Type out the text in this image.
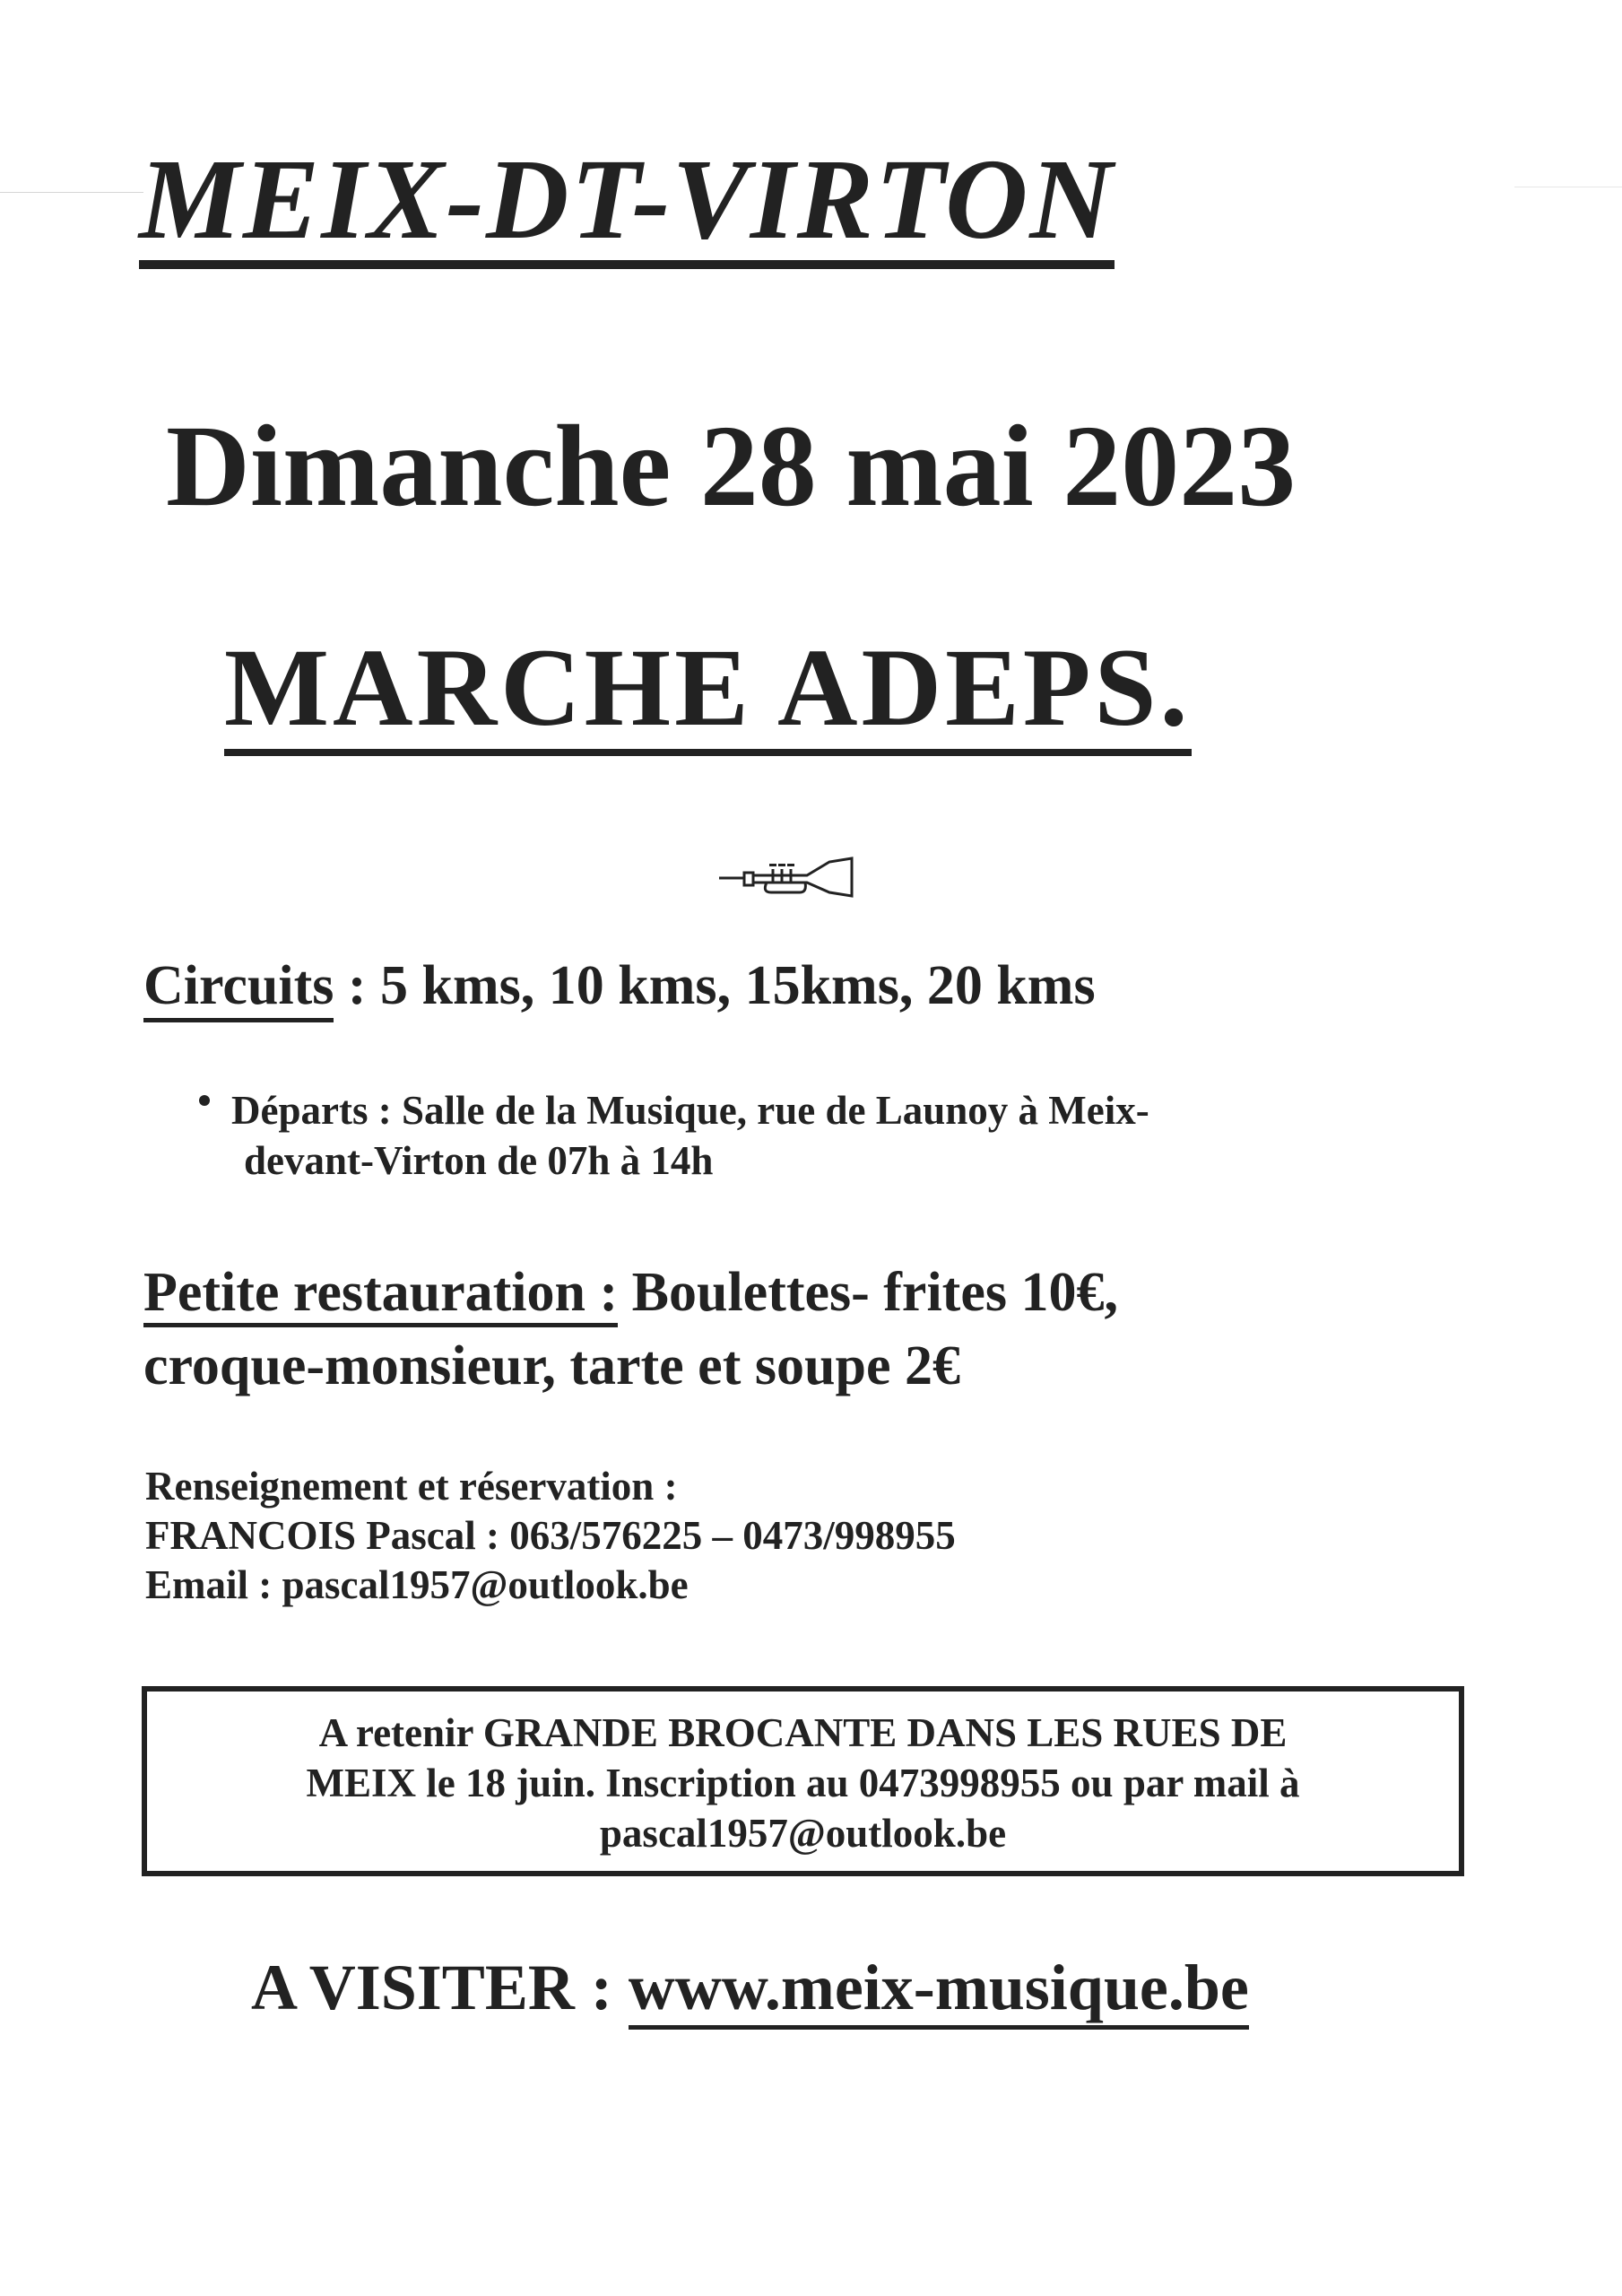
MEIX-DT-VIRTON
Dimanche 28 mai 2023
MARCHE ADEPS.
Circuits : 5 kms, 10 kms, 15kms, 20 kms
Départs : Salle de la Musique, rue de Launoy à Meix-
devant-Virton de 07h à 14h
Petite restauration : Boulettes- frites 10€,
croque-monsieur, tarte et soupe 2€
Renseignement et réservation :
FRANCOIS Pascal : 063/576225 – 0473/998955
Email : pascal1957@outlook.be
A retenir GRANDE BROCANTE DANS LES RUES DE
MEIX le 18 juin. Inscription au 0473998955 ou par mail à
pascal1957@outlook.be
A VISITER : www.meix-musique.be
